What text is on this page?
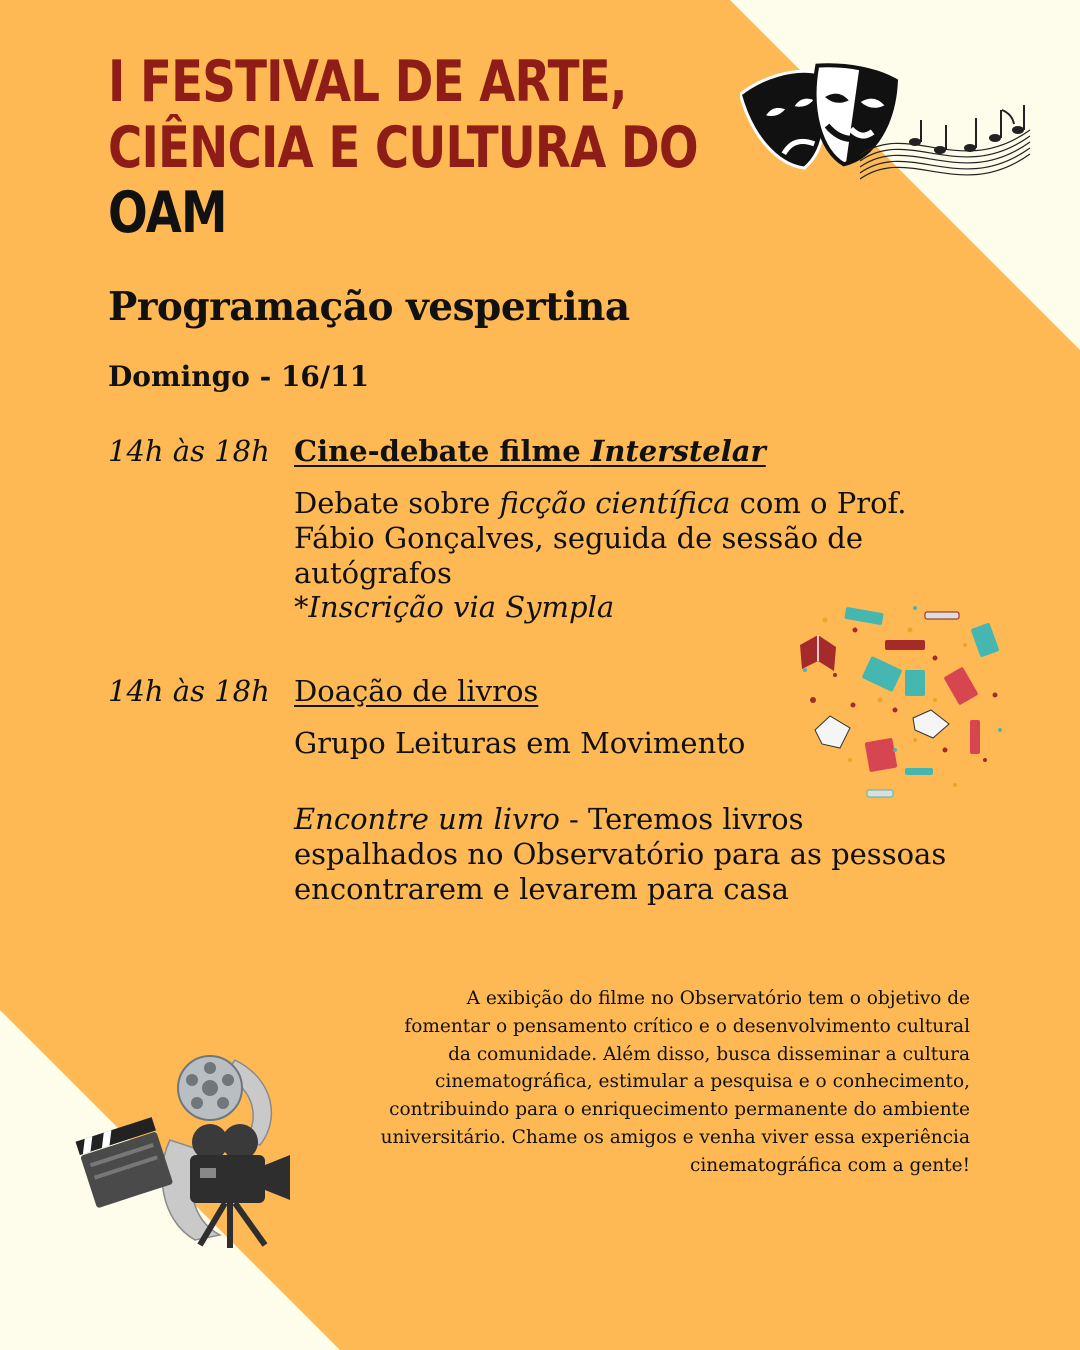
I FESTIVAL DE ARTE,
CIÊNCIA E CULTURA DO
OAM
Programação vespertina
Domingo - 16/11
14h às 18h Cine-debate filme Interstelar
Debate sobre ficção científica com o Prof. Fábio Gonçalves, seguida de sessão de autógrafos
*Inscrição via Sympla
14h às 18h Doação de livros
Grupo Leituras em Movimento
Encontre um livro - Teremos livros espalhados no Observatório para as pessoas encontrarem e levarem para casa
A exibição do filme no Observatório tem o objetivo de fomentar o pensamento crítico e o desenvolvimento cultural da comunidade. Além disso, busca disseminar a cultura cinematográfica, estimular a pesquisa e o conhecimento, contribuindo para o enriquecimento permanente do ambiente universitário. Chame os amigos e venha viver essa experiência cinematográfica com a gente!
